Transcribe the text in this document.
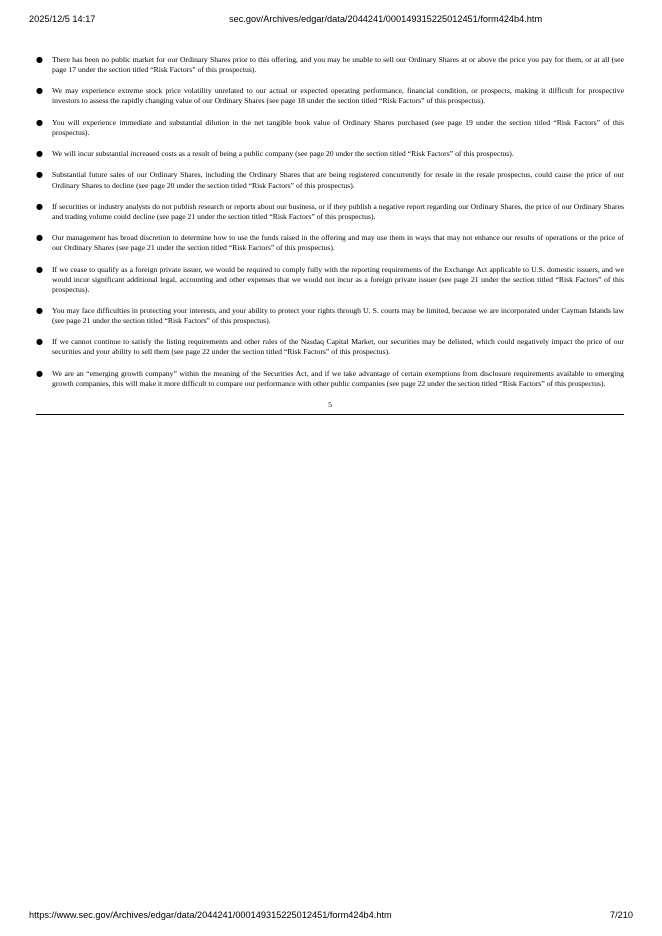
2025/12/5 14:17	sec.gov/Archives/edgar/data/2044241/000149315225012451/form424b4.htm
● There has been no public market for our Ordinary Shares prior to this offering, and you may be unable to sell our Ordinary Shares at or above the price you pay for them, or at all (see page 17 under the section titled “Risk Factors” of this prospectus).
● We may experience extreme stock price volatility unrelated to our actual or expected operating performance, financial condition, or prospects, making it difficult for prospective investors to assess the rapidly changing value of our Ordinary Shares (see page 18 under the section titled “Risk Factors” of this prospectus).
● You will experience immediate and substantial dilution in the net tangible book value of Ordinary Shares purchased (see page 19 under the section titled “Risk Factors” of this prospectus).
● We will incur substantial increased costs as a result of being a public company (see page 20 under the section titled “Risk Factors” of this prospectus).
● Substantial future sales of our Ordinary Shares, including the Ordinary Shares that are being registered concurrently for resale in the resale prospectus, could cause the price of our Ordinary Shares to decline (see page 20 under the section titled “Risk Factors” of this prospectus).
● If securities or industry analysts do not publish research or reports about our business, or if they publish a negative report regarding our Ordinary Shares, the price of our Ordinary Shares and trading volume could decline (see page 21 under the section titled “Risk Factors” of this prospectus).
● Our management has broad discretion to determine how to use the funds raised in the offering and may use them in ways that may not enhance our results of operations or the price of our Ordinary Shares (see page 21 under the section titled “Risk Factors” of this prospectus).
● If we cease to qualify as a foreign private issuer, we would be required to comply fully with the reporting requirements of the Exchange Act applicable to U.S. domestic issuers, and we would incur significant additional legal, accounting and other expenses that we would not incur as a foreign private issuer (see page 21 under the section titled “Risk Factors” of this prospectus).
● You may face difficulties in protecting your interests, and your ability to protect your rights through U. S. courts may be limited, because we are incorporated under Cayman Islands law (see page 21 under the section titled “Risk Factors” of this prospectus).
● If we cannot continue to satisfy the listing requirements and other rules of the Nasdaq Capital Market, our securities may be delisted, which could negatively impact the price of our securities and your ability to sell them (see page 22 under the section titled “Risk Factors” of this prospectus).
● We are an “emerging growth company” within the meaning of the Securities Act, and if we take advantage of certain exemptions from disclosure requirements available to emerging growth companies, this will make it more difficult to compare our performance with other public companies (see page 22 under the section titled “Risk Factors” of this prospectus).
5
https://www.sec.gov/Archives/edgar/data/2044241/000149315225012451/form424b4.htm	7/210
